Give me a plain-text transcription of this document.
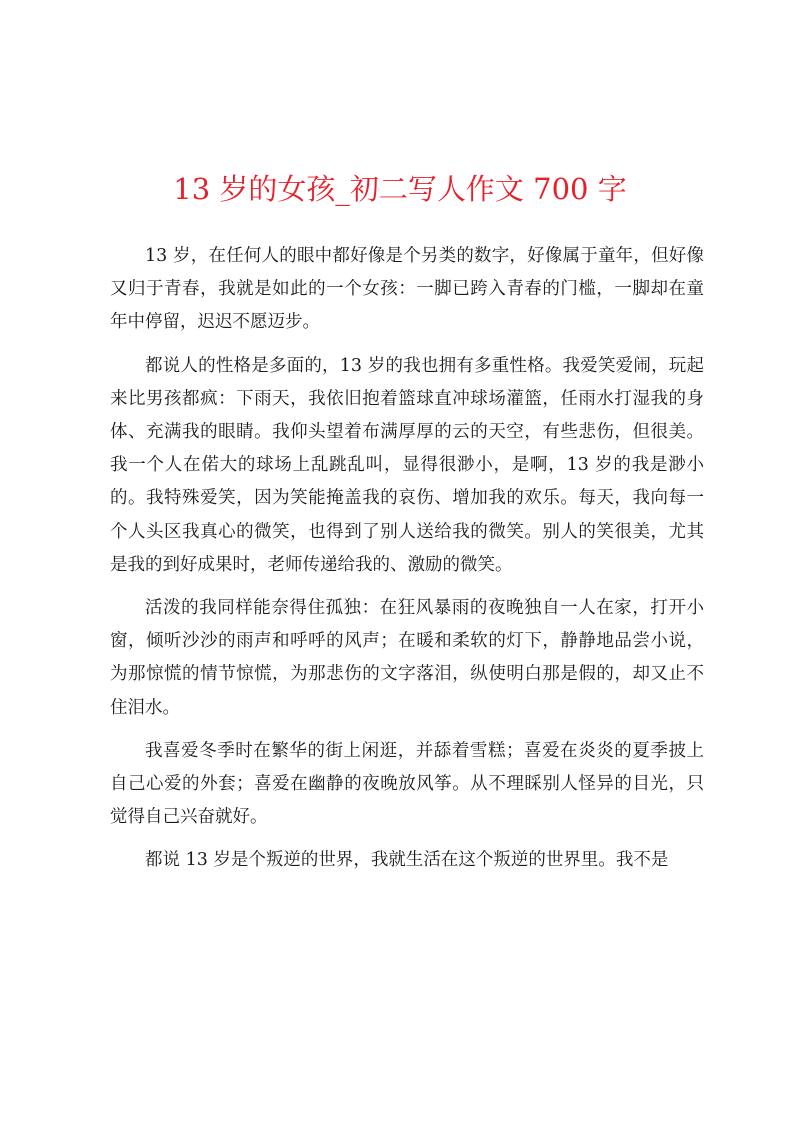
13 岁的女孩_初二写人作文 700 字

13 岁，在任何人的眼中都好像是个另类的数字，好像属于童年，但好像又归于青春，我就是如此的一个女孩：一脚已跨入青春的门槛，一脚却在童年中停留，迟迟不愿迈步。

都说人的性格是多面的，13 岁的我也拥有多重性格。我爱笑爱闹，玩起来比男孩都疯：下雨天，我依旧抱着篮球直冲球场灌篮，任雨水打湿我的身体、充满我的眼睛。我仰头望着布满厚厚的云的天空，有些悲伤，但很美。我一个人在偌大的球场上乱跳乱叫，显得很渺小，是啊，13 岁的我是渺小的。我特殊爱笑，因为笑能掩盖我的哀伤、增加我的欢乐。每天，我向每一个人头区我真心的微笑，也得到了别人送给我的微笑。别人的笑很美，尤其是我的到好成果时，老师传递给我的、激励的微笑。

活泼的我同样能奈得住孤独：在狂风暴雨的夜晚独自一人在家，打开小窗，倾听沙沙的雨声和呼呼的风声；在暖和柔软的灯下，静静地品尝小说，为那惊慌的情节惊慌，为那悲伤的文字落泪，纵使明白那是假的，却又止不住泪水。

我喜爱冬季时在繁华的街上闲逛，并舔着雪糕；喜爱在炎炎的夏季披上自己心爱的外套；喜爱在幽静的夜晚放风筝。从不理睬别人怪异的目光，只觉得自己兴奋就好。

都说 13 岁是个叛逆的世界，我就生活在这个叛逆的世界里。我不是
